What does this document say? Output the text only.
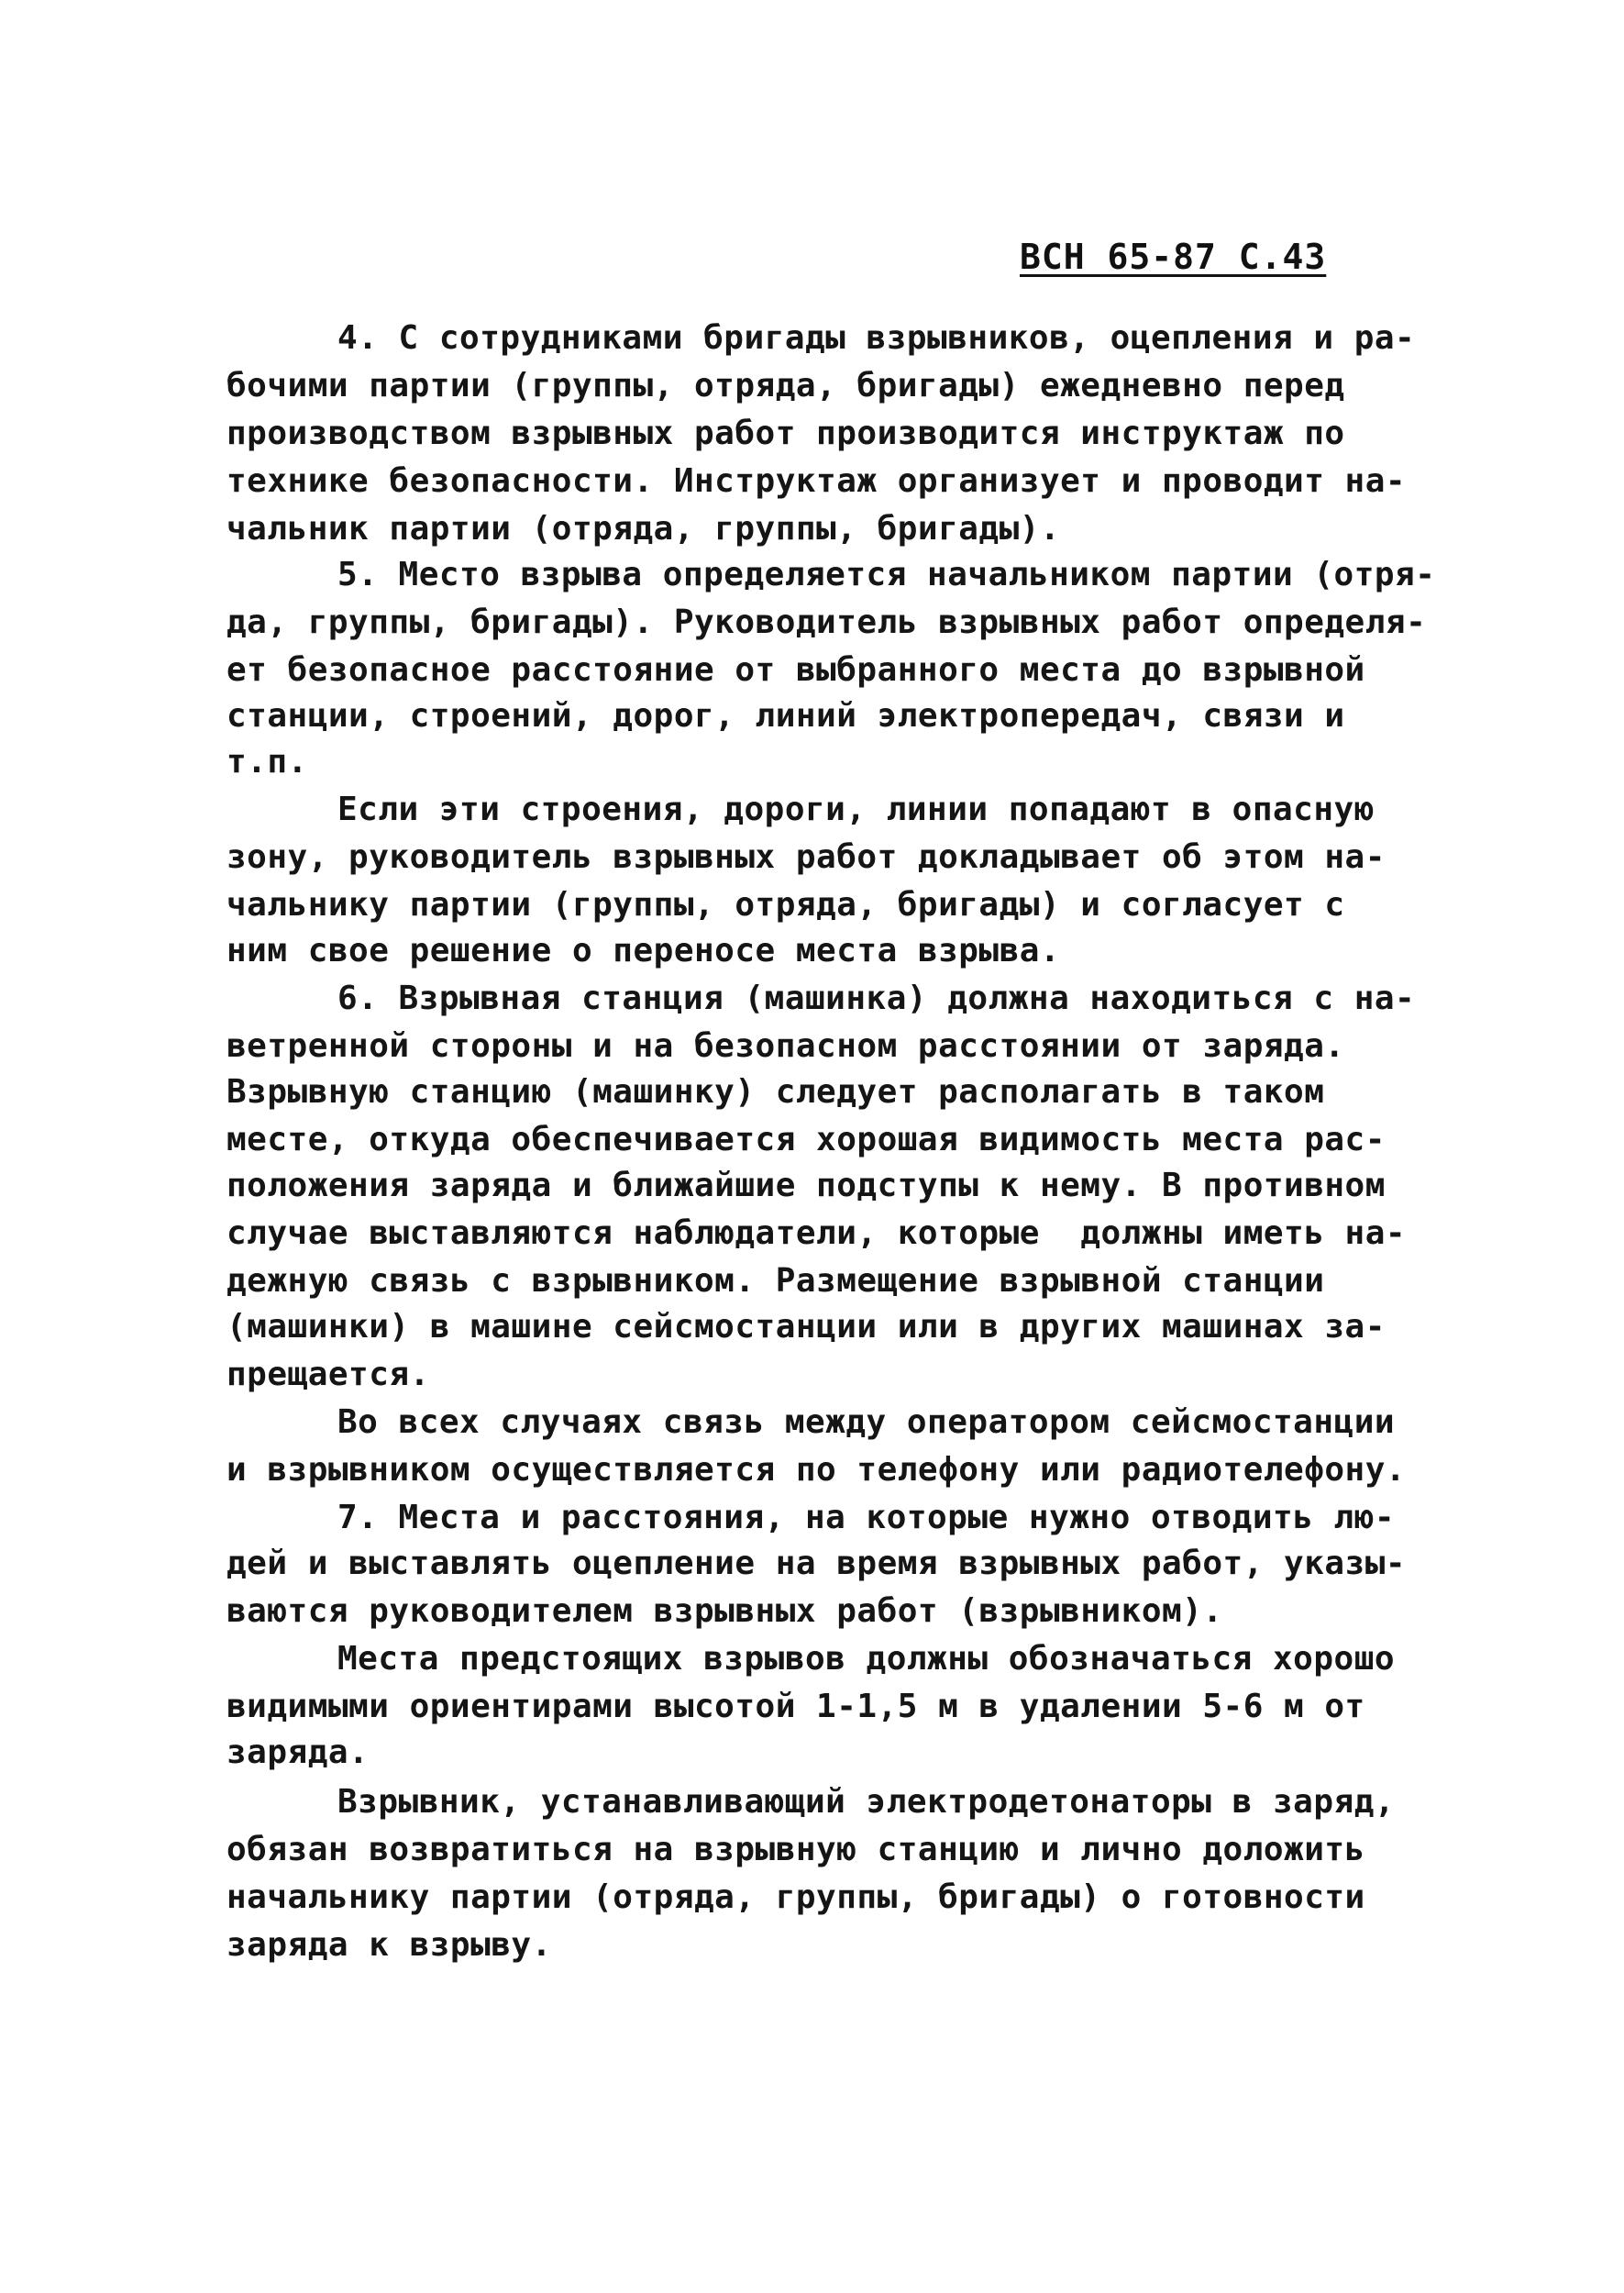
ВСН 65-87 С.43
4. С сотрудниками бригады взрывников, оцепления и ра-
бочими партии (группы, отряда, бригады) ежедневно перед
производством взрывных работ производится инструктаж по
технике безопасности. Инструктаж организует и проводит на-
чальник партии (отряда, группы, бригады).
5. Место взрыва определяется начальником партии (отря-
да, группы, бригады). Руководитель взрывных работ определя-
ет безопасное расстояние от выбранного места до взрывной
станции, строений, дорог, линий электропередач, связи и
т.п.
Если эти строения, дороги, линии попадают в опасную
зону, руководитель взрывных работ докладывает об этом на-
чальнику партии (группы, отряда, бригады) и согласует с
ним свое решение о переносе места взрыва.
6. Взрывная станция (машинка) должна находиться с на-
ветренной стороны и на безопасном расстоянии от заряда.
Взрывную станцию (машинку) следует располагать в таком
месте, откуда обеспечивается хорошая видимость места рас-
положения заряда и ближайшие подступы к нему. В противном
случае выставляются наблюдатели, которые  должны иметь на-
дежную связь с взрывником. Размещение взрывной станции
(машинки) в машине сейсмостанции или в других машинах за-
прещается.
Во всех случаях связь между оператором сейсмостанции
и взрывником осуществляется по телефону или радиотелефону.
7. Места и расстояния, на которые нужно отводить лю-
дей и выставлять оцепление на время взрывных работ, указы-
ваются руководителем взрывных работ (взрывником).
Места предстоящих взрывов должны обозначаться хорошо
видимыми ориентирами высотой 1-1,5 м в удалении 5-6 м от
заряда.
Взрывник, устанавливающий электродетонаторы в заряд,
обязан возвратиться на взрывную станцию и лично доложить
начальнику партии (отряда, группы, бригады) о готовности
заряда к взрыву.
